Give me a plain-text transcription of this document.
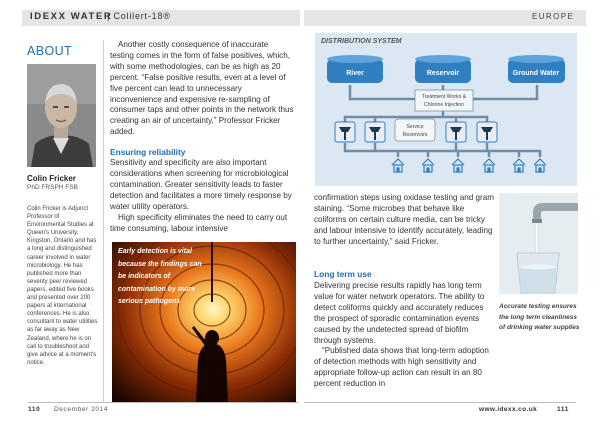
IDEXX WATER
| Colilert-18®	EUROPE
ABOUT
Colin Fricker
PhD FRSPH FSB
Colin Fricker is Adjunct Professor of Environmental Studies at Queen's University, Kingston, Ontario and has a long and distinguished career involved in water microbiology. He has published more than seventy peer reviewed papers, edited five books and presented over 200 papers at international conferences. He is also consultant to water utilities as far away as New Zealand, where he is on call to troubleshoot and give advice at a moment's notice.
Another costly consequence of inaccurate testing comes in the form of false positives, which, with some methodologies, can be as high as 20 percent. “False positive results, even at a level of five percent can lead to unnecessary inconvenience and expensive re-sampling of consumer taps and other points in the network thus creating an air of uncertainty,” Professor Fricker added.
Ensuring reliability
Sensitivity and specificity are also important considerations when screening for microbiological contamination. Greater sensitivity leads to faster detection and facilitates a more timely response by water utility operators.
High specificity eliminates the need to carry out time consuming, labour intensive
Early detection is vital because the findings can be indicators of contamination by more serious pathogens
River	Reservoir	Ground Water
Treatment Works &
Chlorine Injection
Service
Reservoirs
DISTRIBUTION SYSTEM
confirmation steps using oxidase testing and gram staining. “Some microbes that behave like coliforms on certain culture media, can be tricky and labour intensive to identify accurately, leading to further uncertainty,” said Fricker.
Long term use
Delivering precise results rapidly has long term value for water network operators. The ability to detect coliforms quickly and accurately reduces the prospect of sporadic contamination events caused by the undetected spread of biofilm through systems.
“Published data shows that long-term adoption of detection methods with high sensitivity and appropriate follow-up action can result in an 80 percent reduction in
Accurate testing ensures the long term cleanliness of drinking water supplies
110 December 2014	www.idexx.co.uk	111
